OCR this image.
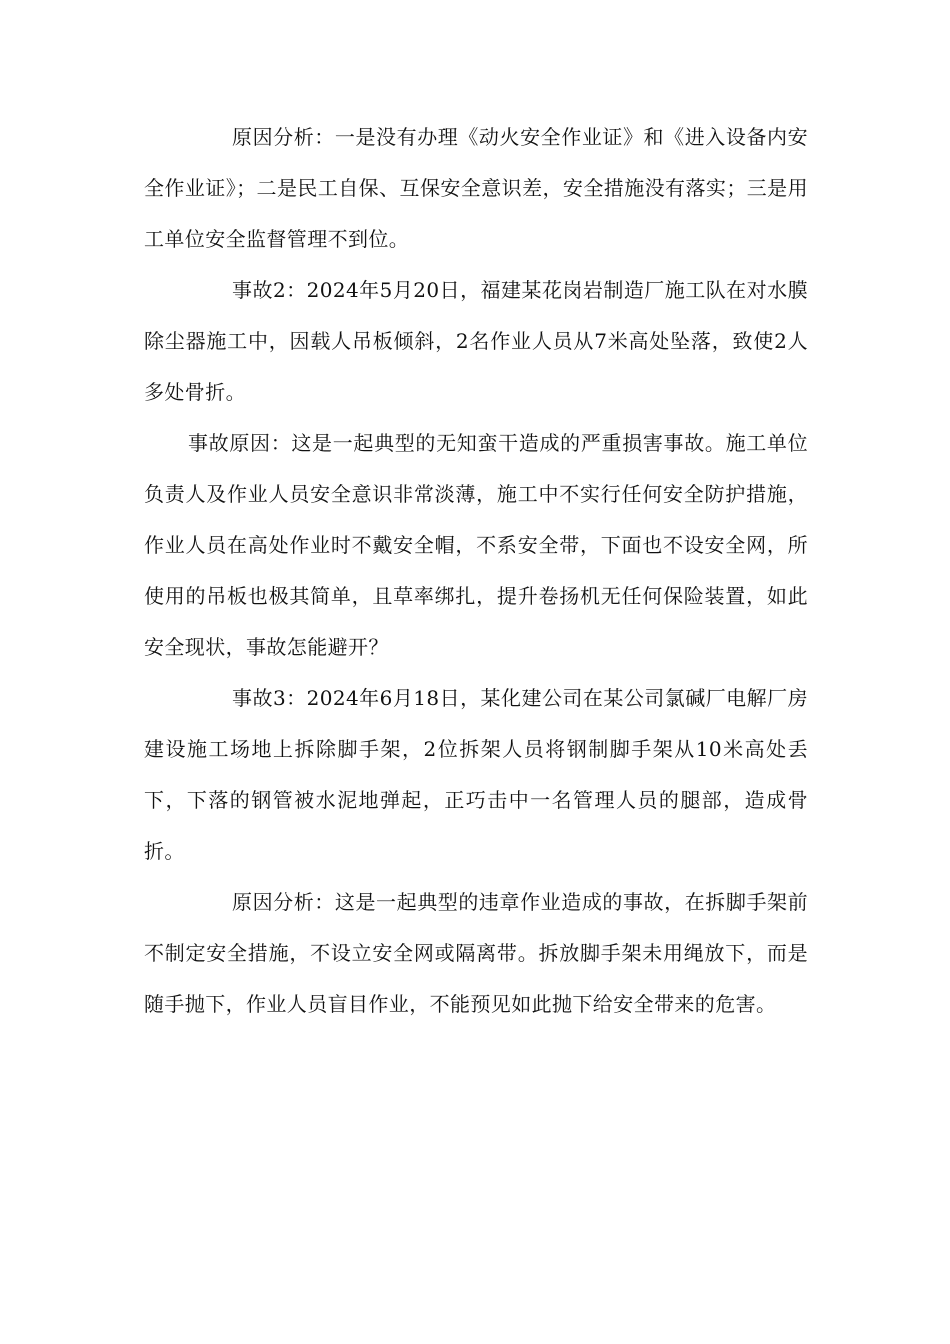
原因分析：一是没有办理《动火安全作业证》和《进入设备内安全作业证》；二是民工自保、互保安全意识差，安全措施没有落实；三是用工单位安全监督管理不到位。

事故2：2024年5月20日，福建某花岗岩制造厂施工队在对水膜除尘器施工中，因载人吊板倾斜，2名作业人员从7米高处坠落，致使2人多处骨折。

事故原因：这是一起典型的无知蛮干造成的严重损害事故。施工单位负责人及作业人员安全意识非常淡薄，施工中不实行任何安全防护措施，作业人员在高处作业时不戴安全帽，不系安全带，下面也不设安全网，所使用的吊板也极其简单，且草率绑扎，提升卷扬机无任何保险装置，如此安全现状，事故怎能避开？

事故3：2024年6月18日，某化建公司在某公司氯碱厂电解厂房建设施工场地上拆除脚手架，2位拆架人员将钢制脚手架从10米高处丢下，下落的钢管被水泥地弹起，正巧击中一名管理人员的腿部，造成骨折。

原因分析：这是一起典型的违章作业造成的事故，在拆脚手架前不制定安全措施，不设立安全网或隔离带。拆放脚手架未用绳放下，而是随手抛下，作业人员盲目作业，不能预见如此抛下给安全带来的危害。
